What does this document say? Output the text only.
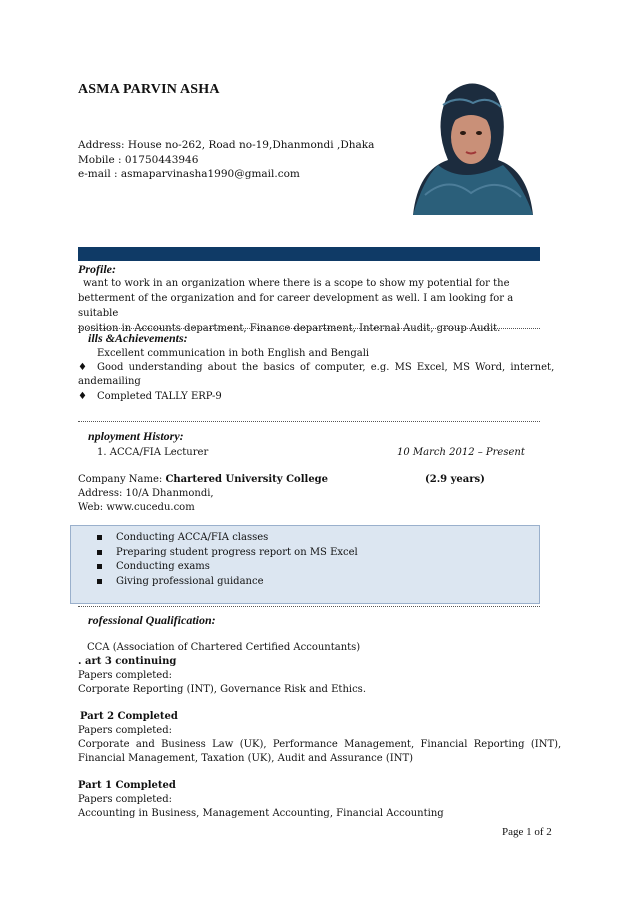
ASMA PARVIN ASHA
Address: House no-262, Road no-19,Dhanmondi ,Dhaka
Mobile : 01750443946
e-mail : asmaparvinasha1990@gmail.com
Profile:
want to work in an organization where there is a scope to show my potential for the
betterment of the organization and for career development as well. I am looking for a suitable
position in Accounts department, Finance department, Internal Audit, group Audit.
ills &Achievements:
Excellent communication in both English and Bengali
♦ Good understanding about the basics of computer, e.g. MS Excel, MS Word, internet, and emailing
♦ Completed TALLY ERP-9
nployment History:
1. ACCA/FIA Lecturer	10 March 2012 – Present
Company Name: Chartered University College	(2.9 years)
Address: 10/A Dhanmondi,
Web: www.cucedu.com
Conducting ACCA/FIA classes
Preparing student progress report on MS Excel
Conducting exams
Giving professional guidance
rofessional Qualification:
CCA (Association of Chartered Certified Accountants)
. art 3 continuing
Papers completed:
Corporate Reporting (INT), Governance Risk and Ethics.
Part 2 Completed
Papers completed:
Corporate  and  Business  Law  (UK),  Performance  Management,  Financial  Reporting  (INT),
Financial Management, Taxation (UK), Audit and Assurance (INT)
Part 1 Completed
Papers completed:
Accounting in Business, Management Accounting, Financial Accounting
Page 1 of 2
